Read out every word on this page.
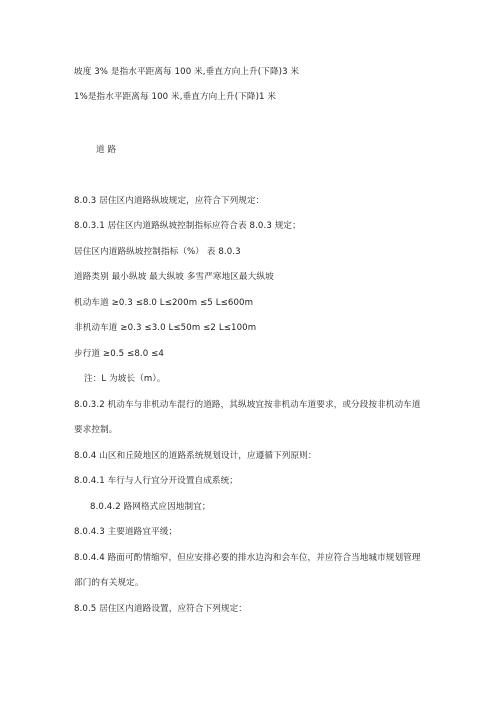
坡度 3% 是指水平距离每 100 米,垂直方向上升(下降)3 米
1%是指水平距离每 100 米,垂直方向上升(下降)1 米
道 路
8.0.3 居住区内道路纵坡规定，应符合下列规定：
8.0.3.1 居住区内道路纵坡控制指标应符合表 8.0.3 规定；
居住区内道路纵坡控制指标（%） 表 8.0.3
道路类别 最小纵坡 最大纵坡 多雪严寒地区最大纵坡
机动车道 ≥0.3 ≤8.0 L≤200m ≤5 L≤600m
非机动车道 ≥0.3 ≤3.0 L≤50m ≤2 L≤100m
步行道 ≥0.5 ≤8.0 ≤4
注：L 为坡长（m）。
8.0.3.2 机动车与非机动车混行的道路，其纵坡宜按非机动车道要求，或分段按非机动车道
要求控制。
8.0.4 山区和丘陵地区的道路系统规划设计，应遵循下列原则：
8.0.4.1 车行与人行宜分开设置自成系统；
8.0.4.2 路网格式应因地制宜；
8.0.4.3 主要道路宜平缓；
8.0.4.4 路面可酌情缩窄，但应安排必要的排水边沟和会车位，并应符合当地城市规划管理
部门的有关规定。
8.0.5 居住区内道路设置，应符合下列规定：
